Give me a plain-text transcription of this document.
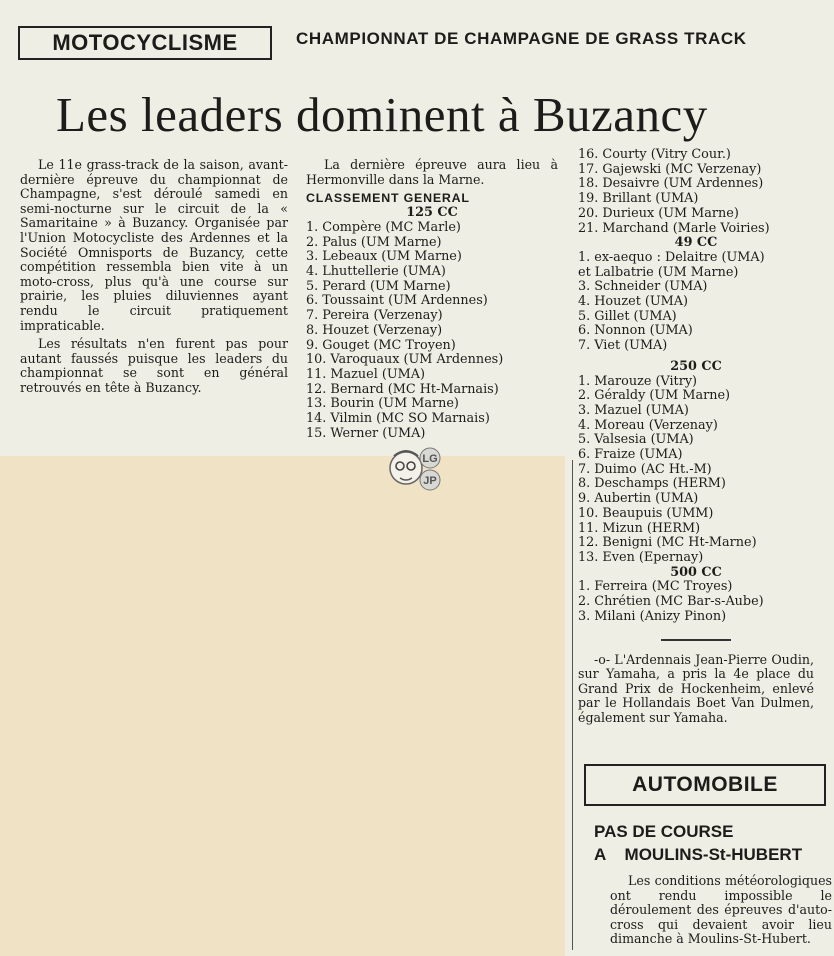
MOTOCYCLISME	CHAMPIONNAT DE CHAMPAGNE DE GRASS TRACK
Les leaders dominent à Buzancy

Le 11e grass-track de la saison, avant-dernière épreuve du championnat de Champagne, s'est déroulé samedi en semi-nocturne sur le circuit de la « Samaritaine » à Buzancy. Organisée par l'Union Motocycliste des Ardennes et la Société Omnisports de Buzancy, cette compétition ressembla bien vite à un moto-cross, plus qu'à une course sur prairie, les pluies diluviennes ayant rendu le circuit pratiquement impraticable.

Les résultats n'en furent pas pour autant faussés puisque les leaders du championnat se sont en général retrouvés en tête à Buzancy.

La dernière épreuve aura lieu à Hermonville dans la Marne.

CLASSEMENT GENERAL
125 CC
1. Compère (MC Marle)
2. Palus (UM Marne)
3. Lebeaux (UM Marne)
4. Lhuttellerie (UMA)
5. Perard (UM Marne)
6. Toussaint (UM Ardennes)
7. Pereira (Verzenay)
8. Houzet (Verzenay)
9. Gouget (MC Troyen)
10. Varoquaux (UM Ardennes)
11. Mazuel (UMA)
12. Bernard (MC Ht-Marnais)
13. Bourin (UM Marne)
14. Vilmin (MC SO Marnais)
15. Werner (UMA)
16. Courty (Vitry Cour.)
17. Gajewski (MC Verzenay)
18. Desaivre (UM Ardennes)
19. Brillant (UMA)
20. Durieux (UM Marne)
21. Marchand (Marle Voiries)
49 CC
1. ex-aequo : Delaitre (UMA)
et Lalbatrie (UM Marne)
3. Schneider (UMA)
4. Houzet (UMA)
5. Gillet (UMA)
6. Nonnon (UMA)
7. Viet (UMA)
250 CC
1. Marouze (Vitry)
2. Géraldy (UM Marne)
3. Mazuel (UMA)
4. Moreau (Verzenay)
5. Valsesia (UMA)
6. Fraize (UMA)
7. Duimo (AC Ht.-M)
8. Deschamps (HERM)
9. Aubertin (UMA)
10. Beaupuis (UMM)
11. Mizun (HERM)
12. Benigni (MC Ht-Marne)
13. Even (Epernay)
500 CC
1. Ferreira (MC Troyes)
2. Chrétien (MC Bar-s-Aube)
3. Milani (Anizy Pinon)

-o- L'Ardennais Jean-Pierre Oudin, sur Yamaha, a pris la 4e place du Grand Prix de Hockenheim, enlevé par le Hollandais Boet Van Dulmen, également sur Yamaha.

AUTOMOBILE
PAS DE COURSE
A    MOULINS-St-HUBERT

Les conditions météorologiques ont rendu impossible le déroulement des épreuves d'auto-cross qui devaient avoir lieu dimanche à Moulins-St-Hubert.

LG
JP
